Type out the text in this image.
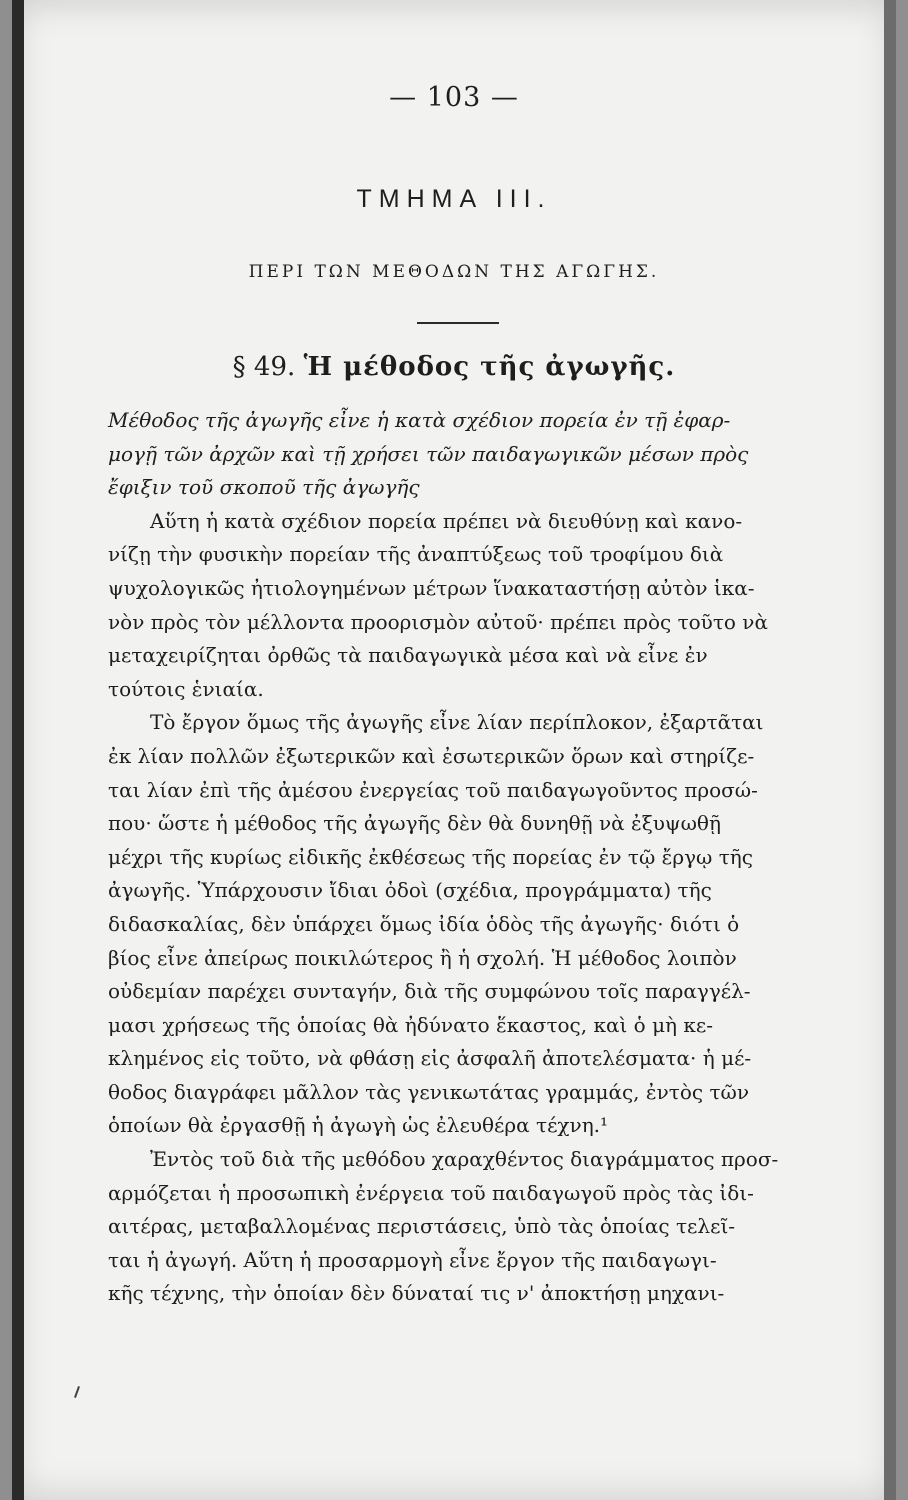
— 103 —
ΤΜΗΜΑ ΙΙΙ.
ΠΕΡΙ ΤΩΝ ΜΕΘΟΔΩΝ ΤΗΣ ΑΓΩΓΗΣ.
§ 49. Ἡ μέθοδος τῆς ἀγωγῆς.
Μέθοδος τῆς ἀγωγῆς εἶνε ἡ κατὰ σχέδιον πορεία ἐν τῇ ἐφαρ-
μογῇ τῶν ἀρχῶν καὶ τῇ χρήσει τῶν παιδαγωγικῶν μέσων πρὸς
ἔφιξιν τοῦ σκοποῦ τῆς ἀγωγῆς
Αὕτη ἡ κατὰ σχέδιον πορεία πρέπει νὰ διευθύνῃ καὶ κανο-
νίζῃ τὴν φυσικὴν πορείαν τῆς ἀναπτύξεως τοῦ τροφίμου διὰ
ψυχολογικῶς ἠτιολογημένων μέτρων ἵνακαταστήσῃ αὐτὸν ἱκα-
νὸν πρὸς τὸν μέλλοντα προορισμὸν αὐτοῦ· πρέπει πρὸς τοῦτο νὰ
μεταχειρίζηται ὀρθῶς τὰ παιδαγωγικὰ μέσα καὶ νὰ εἶνε ἐν
τούτοις ἑνιαία.
Τὸ ἔργον ὅμως τῆς ἀγωγῆς εἶνε λίαν περίπλοκον, ἐξαρτᾶται
ἐκ λίαν πολλῶν ἐξωτερικῶν καὶ ἐσωτερικῶν ὅρων καὶ στηρίζε-
ται λίαν ἐπὶ τῆς ἀμέσου ἐνεργείας τοῦ παιδαγωγοῦντος προσώ-
που· ὥστε ἡ μέθοδος τῆς ἀγωγῆς δὲν θὰ δυνηθῇ νὰ ἐξυψωθῇ
μέχρι τῆς κυρίως εἰδικῆς ἐκθέσεως τῆς πορείας ἐν τῷ ἔργῳ τῆς
ἀγωγῆς. Ὑπάρχουσιν ἴδιαι ὁδοὶ (σχέδια, προγράμματα) τῆς
διδασκαλίας, δὲν ὑπάρχει ὅμως ἰδία ὁδὸς τῆς ἀγωγῆς· διότι ὁ
βίος εἶνε ἀπείρως ποικιλώτερος ἢ ἡ σχολή. Ἡ μέθοδος λοιπὸν
οὐδεμίαν παρέχει συνταγήν, διὰ τῆς συμφώνου τοῖς παραγγέλ-
μασι χρήσεως τῆς ὁποίας θὰ ἠδύνατο ἕκαστος, καὶ ὁ μὴ κε-
κλημένος εἰς τοῦτο, νὰ φθάσῃ εἰς ἀσφαλῆ ἀποτελέσματα· ἡ μέ-
θοδος διαγράφει μᾶλλον τὰς γενικωτάτας γραμμάς, ἐντὸς τῶν
ὁποίων θὰ ἐργασθῇ ἡ ἀγωγὴ ὡς ἐλευθέρα τέχνη.¹
Ἐντὸς τοῦ διὰ τῆς μεθόδου χαραχθέντος διαγράμματος προσ-
αρμόζεται ἡ προσωπικὴ ἐνέργεια τοῦ παιδαγωγοῦ πρὸς τὰς ἰδι-
αιτέρας, μεταβαλλομένας περιστάσεις, ὑπὸ τὰς ὁποίας τελεῖ-
ται ἡ ἀγωγή. Αὕτη ἡ προσαρμογὴ εἶνε ἔργον τῆς παιδαγωγι-
κῆς τέχνης, τὴν ὁποίαν δὲν δύναταί τις ν' ἀποκτήσῃ μηχανι-
